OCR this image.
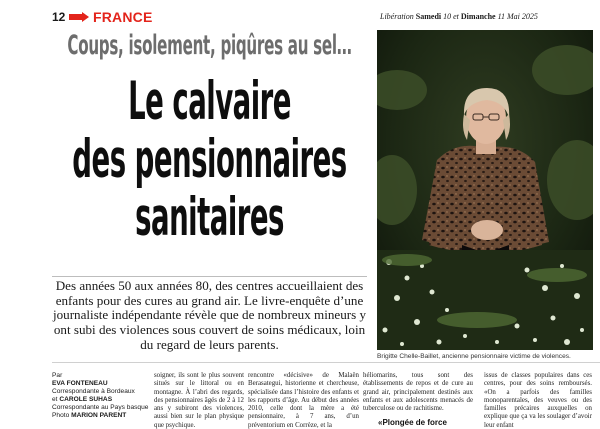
12 FRANCE	Libération Samedi 10 et Dimanche 11 Mai 2025
Coups, isolement, piqûres au sel…
Le calvaire
des pensionnaires
sanitaires

Des années 50 aux années 80, des centres accueillaient des enfants pour des cures au grand air. Le livre-enquête d’une journaliste indépendante révèle que de nombreux mineurs y ont subi des violences sous couvert de soins médicaux, loin du regard de leurs parents.

Brigitte Chelle-Baillet, ancienne pensionnaire victime de violences.
Par
EVA FONTENEAU
Correspondante à Bordeaux
et CAROLE SUHAS
Correspondante au Pays basque
Photo MARION PARENT

soigner, ils sont le plus souvent situés sur le littoral ou en montagne. À l’abri des regards, des pensionnaires âgés de 2 à 12 ans y subiront des violences, aussi bien sur le plan physique que psychique.

rencontre «décisive» de Malaën Berasategui, historienne et chercheuse, spécialisée dans l’histoire des enfants et les rapports d’âge. Au début des années 2010, celle dont la mère a été pensionnaire, à 7 ans, d’un préventorium en Corrèze, et la

héliomarins, tous sont des établissements de repos et de cure au grand air, principalement destinés aux enfants et aux adolescents menacés de tuberculose ou de rachitisme.

issus de classes populaires dans ces centres, pour des soins remboursés. «On a parfois des familles monoparentales, des veuves ou des familles précaires auxquelles on explique que ça va les soulager d’avoir leur enfant

«Plongée de force
